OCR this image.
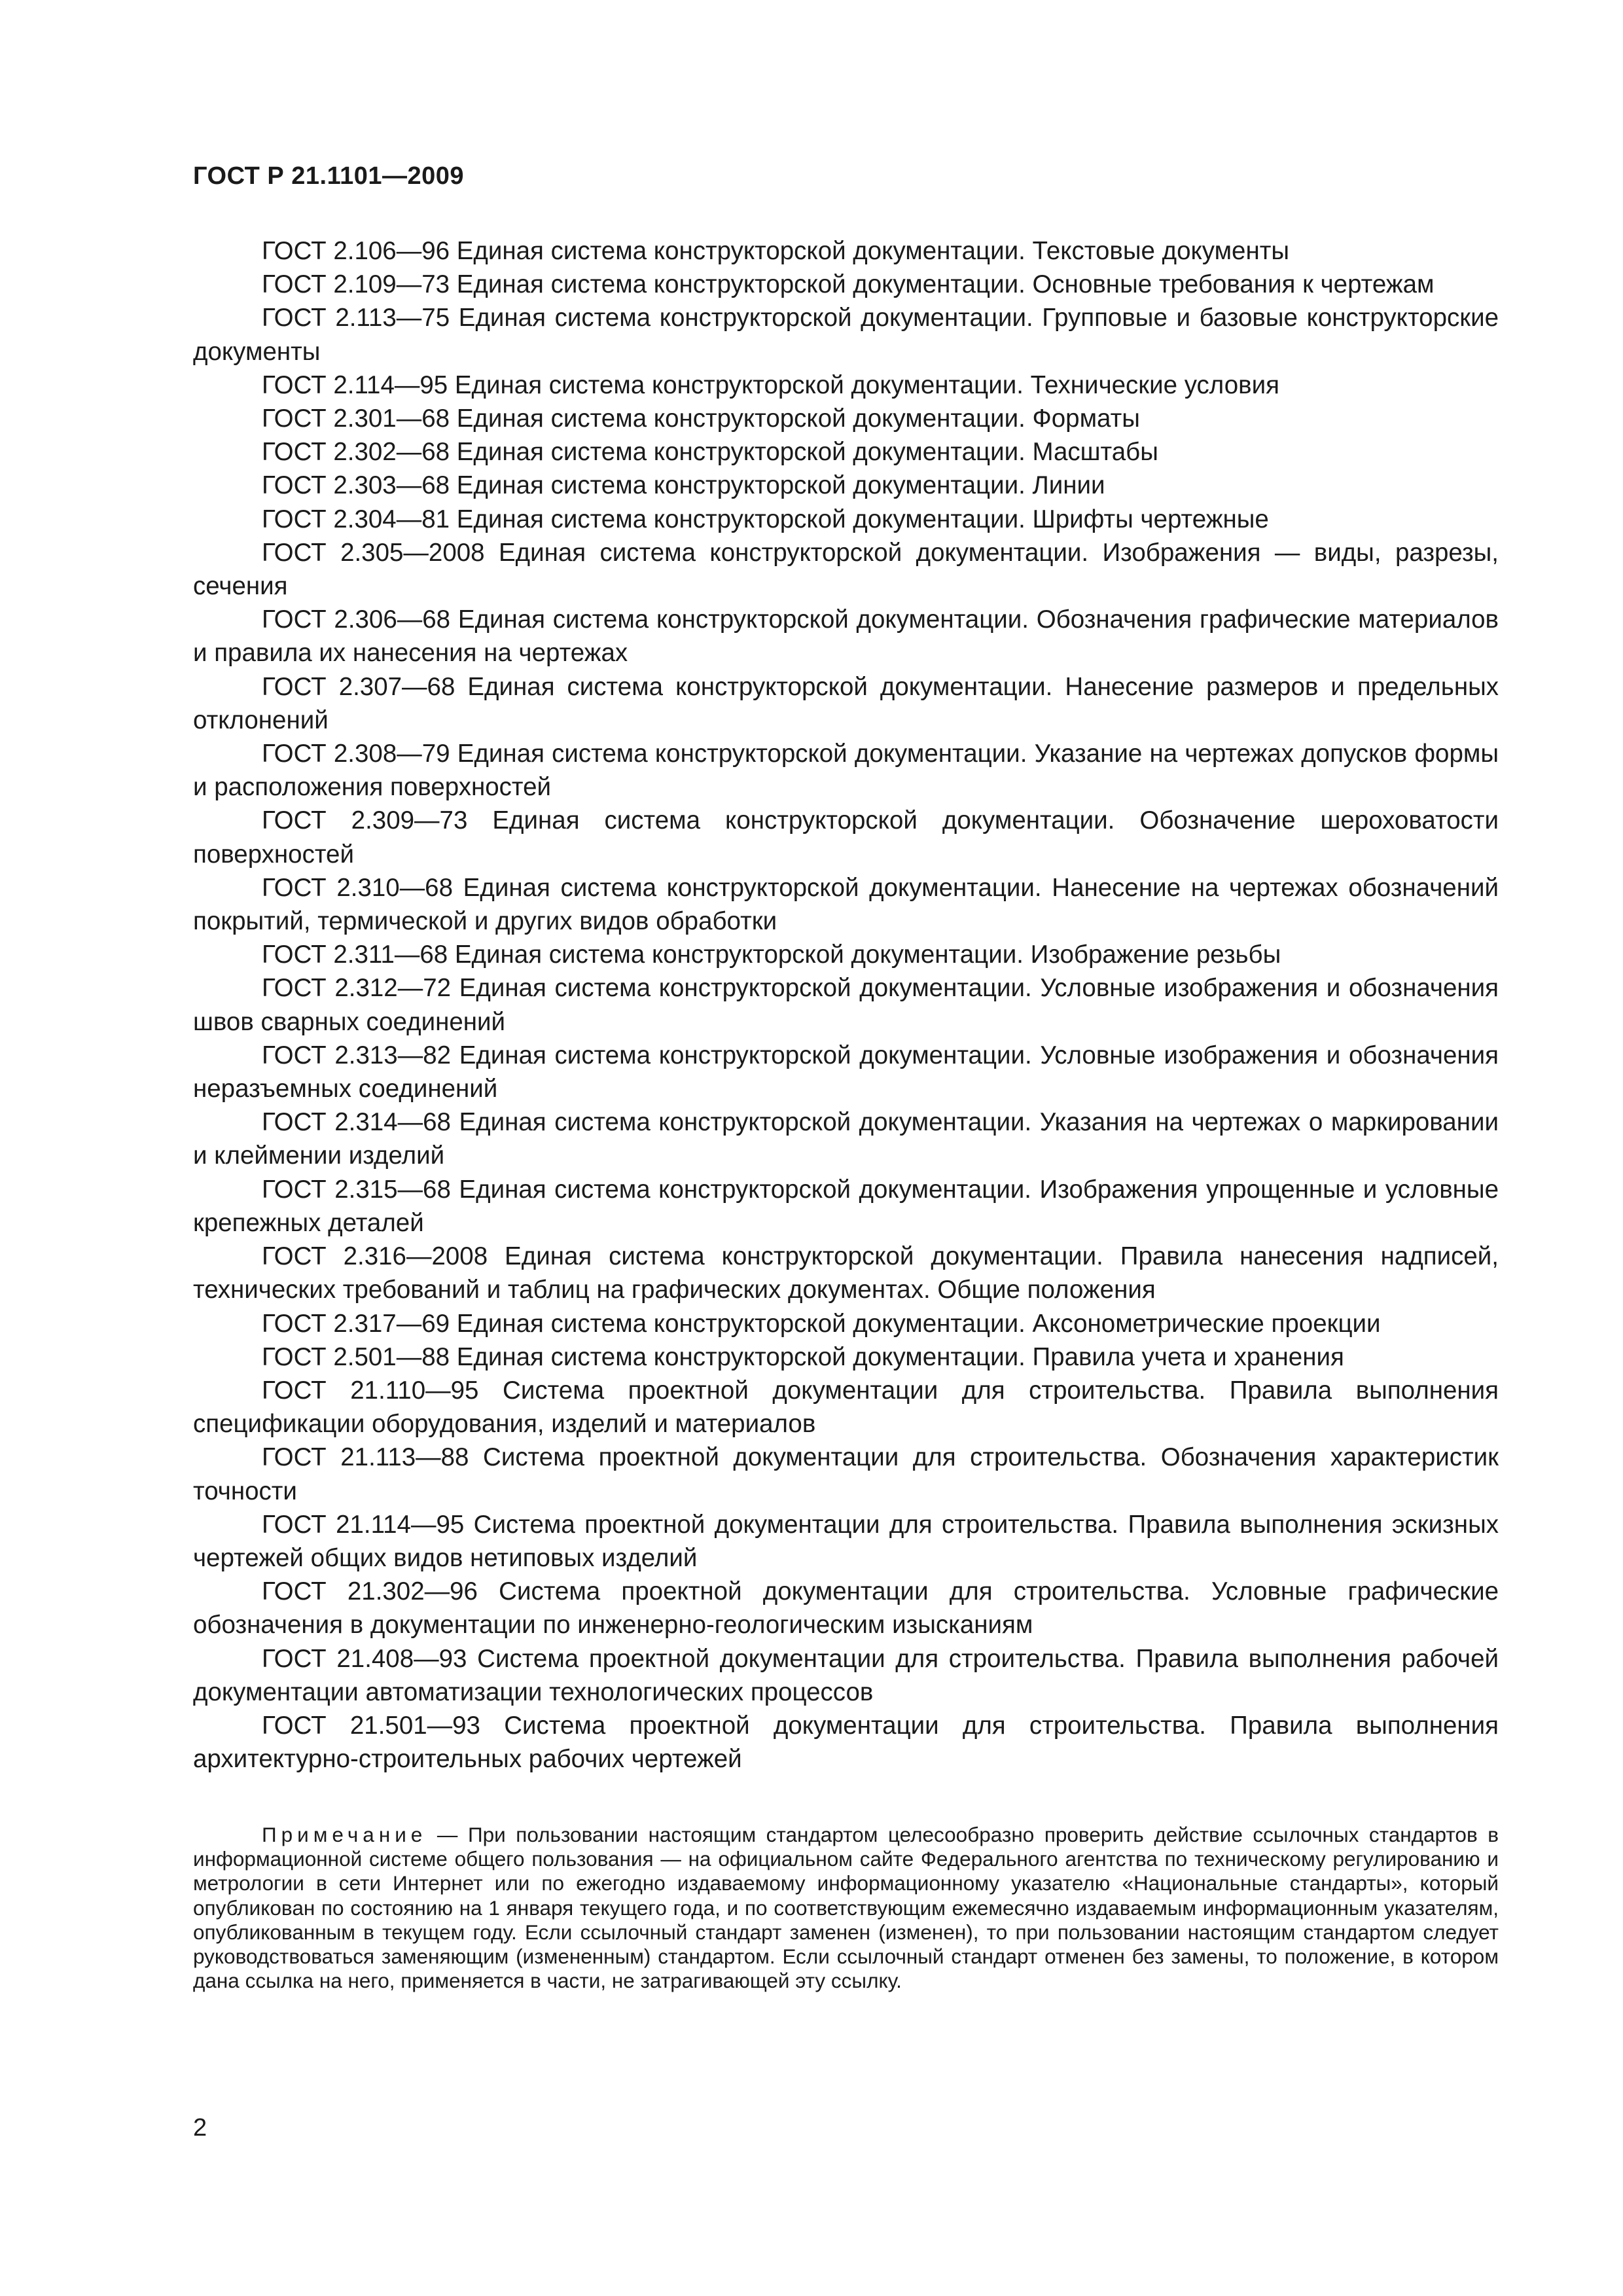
ГОСТ Р 21.1101—2009

ГОСТ 2.106—96 Единая система конструкторской документации. Текстовые документы

ГОСТ 2.109—73 Единая система конструкторской документации. Основные требования к чертежам

ГОСТ 2.113—75 Единая система конструкторской документации. Групповые и базовые конструкторские документы

ГОСТ 2.114—95 Единая система конструкторской документации. Технические условия

ГОСТ 2.301—68 Единая система конструкторской документации. Форматы

ГОСТ 2.302—68 Единая система конструкторской документации. Масштабы

ГОСТ 2.303—68 Единая система конструкторской документации. Линии

ГОСТ 2.304—81 Единая система конструкторской документации. Шрифты чертежные

ГОСТ 2.305—2008 Единая система конструкторской документации. Изображения — виды, разрезы, сечения

ГОСТ 2.306—68 Единая система конструкторской документации. Обозначения графические материалов и правила их нанесения на чертежах

ГОСТ 2.307—68 Единая система конструкторской документации. Нанесение размеров и предельных отклонений

ГОСТ 2.308—79 Единая система конструкторской документации. Указание на чертежах допусков формы и расположения поверхностей

ГОСТ 2.309—73 Единая система конструкторской документации. Обозначение шероховатости поверхностей

ГОСТ 2.310—68 Единая система конструкторской документации. Нанесение на чертежах обозначений покрытий, термической и других видов обработки

ГОСТ 2.311—68 Единая система конструкторской документации. Изображение резьбы

ГОСТ 2.312—72 Единая система конструкторской документации. Условные изображения и обозначения швов сварных соединений

ГОСТ 2.313—82 Единая система конструкторской документации. Условные изображения и обозначения неразъемных соединений

ГОСТ 2.314—68 Единая система конструкторской документации. Указания на чертежах о маркировании и клеймении изделий

ГОСТ 2.315—68 Единая система конструкторской документации. Изображения упрощенные и условные крепежных деталей

ГОСТ 2.316—2008 Единая система конструкторской документации. Правила нанесения надписей, технических требований и таблиц на графических документах. Общие положения

ГОСТ 2.317—69 Единая система конструкторской документации. Аксонометрические проекции

ГОСТ 2.501—88 Единая система конструкторской документации. Правила учета и хранения

ГОСТ 21.110—95 Система проектной документации для строительства. Правила выполнения спецификации оборудования, изделий и материалов

ГОСТ 21.113—88 Система проектной документации для строительства. Обозначения характеристик точности

ГОСТ 21.114—95 Система проектной документации для строительства. Правила выполнения эскизных чертежей общих видов нетиповых изделий

ГОСТ 21.302—96 Система проектной документации для строительства. Условные графические обозначения в документации по инженерно-геологическим изысканиям

ГОСТ 21.408—93 Система проектной документации для строительства. Правила выполнения рабочей документации автоматизации технологических процессов

ГОСТ 21.501—93 Система проектной документации для строительства. Правила выполнения архитектурно-строительных рабочих чертежей

Примечание — При пользовании настоящим стандартом целесообразно проверить действие ссылочных стандартов в информационной системе общего пользования — на официальном сайте Федерального агентства по техническому регулированию и метрологии в сети Интернет или по ежегодно издаваемому информационному указателю «Национальные стандарты», который опубликован по состоянию на 1 января текущего года, и по соответствующим ежемесячно издаваемым информационным указателям, опубликованным в текущем году. Если ссылочный стандарт заменен (изменен), то при пользовании настоящим стандартом следует руководствоваться заменяющим (измененным) стандартом. Если ссылочный стандарт отменен без замены, то положение, в котором дана ссылка на него, применяется в части, не затрагивающей эту ссылку.
2
